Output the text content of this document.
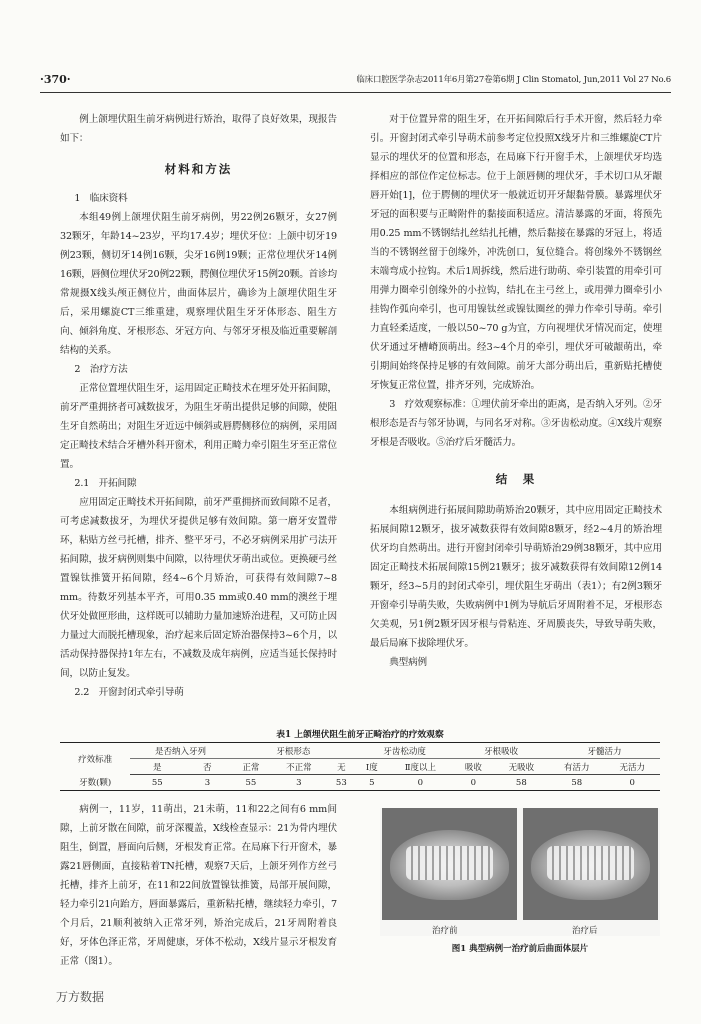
·370·	临床口腔医学杂志2011年6月第27卷第6期 J Clin Stomatol, Jun,2011 Vol 27 No.6

例上颌埋伏阻生前牙病例进行矫治，取得了良好效果，现报告如下：

材料和方法

1　临床资料

本组49例上颌埋伏阻生前牙病例，男22例26颗牙，女27例32颗牙，年龄14~23岁，平均17.4岁；埋伏牙位：上颌中切牙19例23颗，侧切牙14例16颗，尖牙16例19颗；正常位埋伏牙14例16颗，唇侧位埋伏牙20例22颗，腭侧位埋伏牙15例20颗。首诊均常规摄X线头颅正侧位片，曲面体层片，确诊为上颌埋伏阻生牙后，采用螺旋CT三维重建，观察埋伏阻生牙牙体形态、阻生方向、倾斜角度、牙根形态、牙冠方向、与邻牙牙根及临近重要解剖结构的关系。

2　治疗方法

正常位置埋伏阻生牙，运用固定正畸技术在埋牙处开拓间隙，前牙严重拥挤者可减数拔牙，为阻生牙萌出提供足够的间隙，使阻生牙自然萌出；对阻生牙近远中倾斜或唇腭侧移位的病例，采用固定正畸技术结合牙槽外科开窗术，利用正畸力牵引阻生牙至正常位置。

2.1　开拓间隙

应用固定正畸技术开拓间隙，前牙严重拥挤而致间隙不足者，可考虑减数拔牙，为埋伏牙提供足够有效间隙。第一磨牙安置带环，粘贴方丝弓托槽，排齐、整平牙弓，不必牙病例采用扩弓法开拓间隙，拔牙病例则集中间隙，以待埋伏牙萌出或位。更换硬弓丝置镍钛推簧开拓间隙，经4~6个月矫治，可获得有效间隙7~8 mm。待数牙列基本平齐，可用0.35 mm或0.40 mm的澳丝于埋伏牙处做匣形曲，这样既可以辅助力量加速矫治进程，又可防止因力量过大而脱托槽现象，治疗起来后固定矫治器保持3~6个月，以活动保持器保持1年左右，不减数及成年病例，应适当延长保持时间，以防止复发。

2.2　开窗封闭式牵引导萌

对于位置异常的阻生牙，在开拓间隙后行手术开窗，然后轻力牵引。开窗封闭式牵引导萌术前参考定位投照X线牙片和三维螺旋CT片显示的埋伏牙的位置和形态，在局麻下行开窗手术，上颌埋伏牙均选择相应的部位作定位标志。位于上颌唇侧的埋伏牙，手术切口从牙龈唇开始[1]，位于腭侧的埋伏牙一般就近切开牙龈黏骨膜。暴露埋伏牙牙冠的面积要与正畸附件的黏接面积适应。清洁暴露的牙面，将预先用0.25 mm不锈钢结扎丝结扎托槽，然后黏接在暴露的牙冠上，将适当的不锈钢丝留于创缘外，冲洗创口，复位缝合。将创缘外不锈钢丝末端弯成小拉钩。术后1周拆线，然后进行助萌、牵引装置的用牵引可用弹力圈牵引创缘外的小拉钩，结扎在主弓丝上，或用弹力圈牵引小挂钩作弧向牵引，也可用镍钛丝或镍钛圈丝的弹力作牵引导萌。牵引力直轻柔适度，一般以50~70 g为宜，方向视埋伏牙情况而定，使埋伏牙通过牙槽嵴顶萌出。经3~4个月的牵引，埋伏牙可破龈萌出，牵引期间始终保持足够的有效间隙。前牙大部分萌出后，重新贴托槽使牙恢复正常位置，排齐牙列，完成矫治。

3　疗效观察标准：①埋伏前牙牵出的距离，是否纳入牙列。②牙根形态是否与邻牙协调，与同名牙对称。③牙齿松动度。④X线片观察牙根是否吸收。⑤治疗后牙髓活力。

结　果

本组病例进行拓展间隙助萌矫治20颗牙，其中应用固定正畸技术拓展间隙12颗牙，拔牙减数获得有效间隙8颗牙，经2~4月的矫治埋伏牙均自然萌出。进行开窗封闭牵引导萌矫治29例38颗牙，其中应用固定正畸技术拓展间隙15例21颗牙；拔牙减数获得有效间隙12例14颗牙，经3~5月的封闭式牵引，埋伏阻生牙萌出（表1）；有2例3颗牙开窗牵引导萌失败，失败病例中1例为导航后牙周附着不足，牙根形态欠美观，另1例2颗牙因牙根与骨粘连、牙周膜丧失，导致导萌失败，最后局麻下拔除埋伏牙。

典型病例

表1 上颌埋伏阻生前牙正畸治疗的疗效观察
疗效标准	是否纳入牙列		牙根形态			牙齿松动度		牙根吸收		牙髓活力	
	是	否	正常	不正常	无	Ⅰ度	Ⅱ度以上	吸收	无吸收	有活力	无活力
牙数(颗)	55	3	55	3	53	5	0	0	58	58	0

病例一，11岁，11萌出，21未萌，11和22之间有6 mm间隙，上前牙散在间隙，前牙深覆盖，X线检查显示：21为骨内埋伏阻生，倒置，唇面向后侧，牙根发育正常。在局麻下行开窗术，暴露21唇侧面，直接粘着TN托槽，观察7天后，上颌牙列作方丝弓托槽，排齐上前牙，在11和22间放置镍钛推簧，局部开展间隙，轻力牵引21向跆方，唇面暴露后，重新粘托槽，继续轻力牵引，7个月后，21顺利被纳入正常牙列，矫治完成后，21牙周附着良好，牙体色泽正常，牙周健康，牙体不松动，X线片显示牙根发育正常（图1）。

治疗前	治疗后
图1 典型病例一治疗前后曲面体层片
万方数据
